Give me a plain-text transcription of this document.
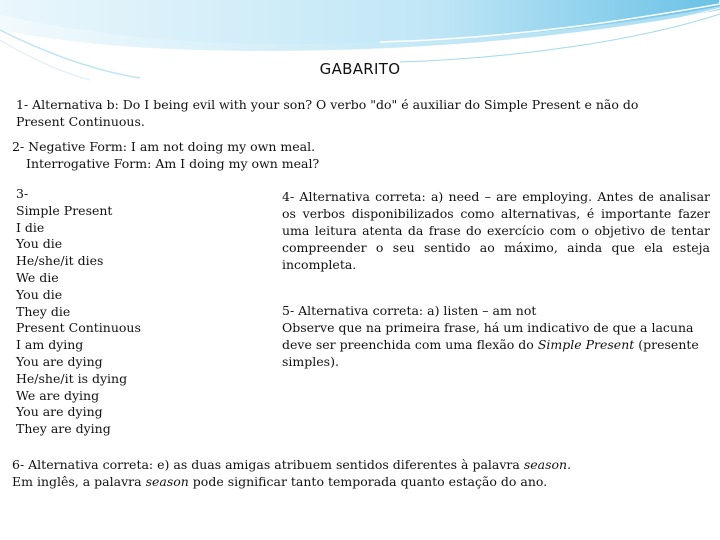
GABARITO
1- Alternativa b: Do I being evil with your son? O verbo "do" é auxiliar do Simple Present e não do Present Continuous.
2- Negative Form: I am not doing my own meal.
Interrogative Form: Am I doing my own meal?
3-
Simple Present
I die
You die
He/she/it dies
We die
You die
They die
Present Continuous
I am dying
You are dying
He/she/it is dying
We are dying
You are dying
They are dying
4- Alternativa correta: a) need – are employing. Antes de analisar os verbos disponibilizados como alternativas, é importante fazer uma leitura atenta da frase do exercício com o objetivo de tentar compreender o seu sentido ao máximo, ainda que ela esteja incompleta.
5- Alternativa correta: a) listen – am not
Observe que na primeira frase, há um indicativo de que a lacuna deve ser preenchida com uma flexão do Simple Present (presente simples).
6- Alternativa correta: e) as duas amigas atribuem sentidos diferentes à palavra season.
Em inglês, a palavra season pode significar tanto temporada quanto estação do ano.
